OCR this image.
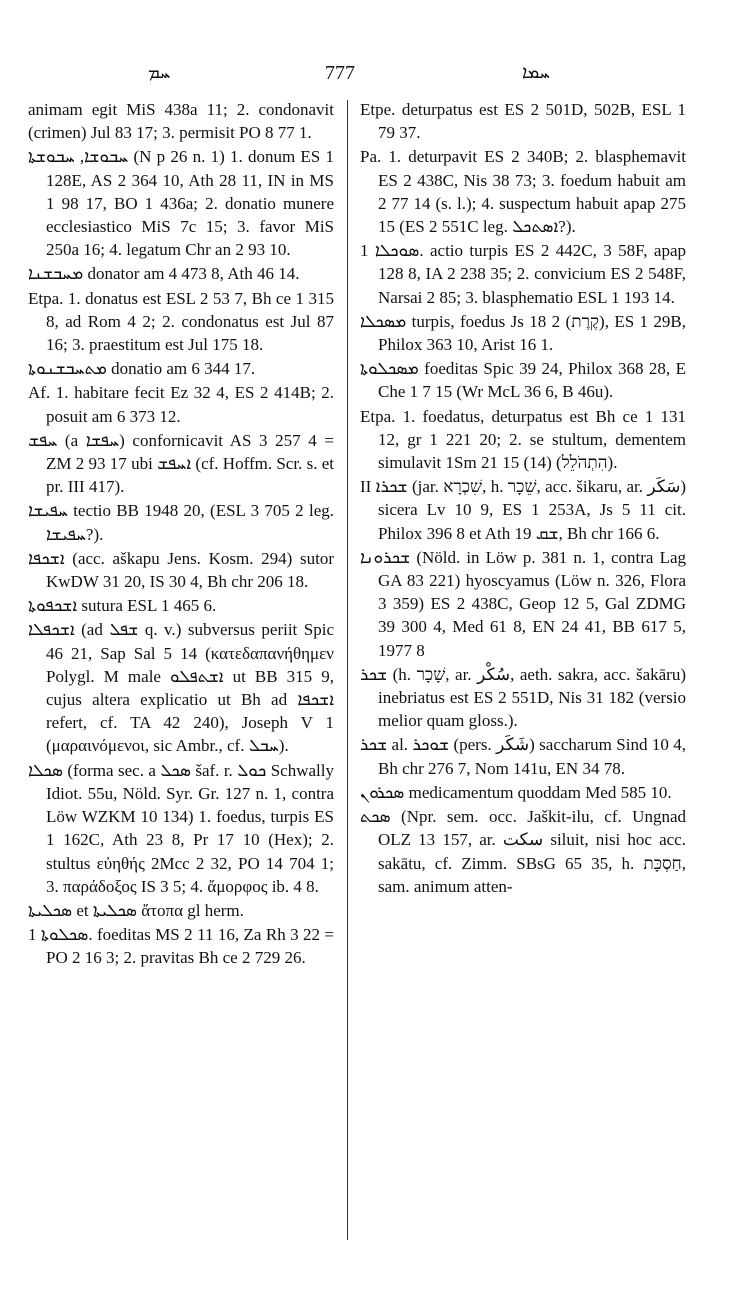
ܚܡ	777	ܚܡܐ

animam egit MiS 438a 11; 2. condonavit (crimen) Jul 83 17; 3. permisit PO 8 77 1.

ܚܒܘܫܐ, ܚܒܘܫܬܐ (N p 26 n. 1) 1. donum ES 1 128E, AS 2 364 10, Ath 28 11, IN in MS 1 98 17, BO 1 436a; 2. donatio munere ecclesiastico MiS 7c 15; 3. favor MiS 250a 16; 4. legatum Chr an 2 93 10.

ܡܚܒܫܢܐ donator am 4 473 8, Ath 46 14.

Etpa. 1. donatus est ESL 2 53 7, Bh ce 1 315 8, ad Rom 4 2; 2. condonatus est Jul 87 16; 3. praestitum est Jul 175 18.

ܡܬܚܒܫܢܘܬܐ donatio am 6 344 17.

Af. 1. habitare fecit Ez 32 4, ES 2 414B; 2. posuit am 6 373 12.

ܚܦܫ (a ܚܦܫܐ) confornicavit AS 3 257 4 = ZM 2 93 17 ubi ܐܚܦܫ (cf. Hoffm. Scr. s. et pr. III 417).

ܚܦܝܫܐ tectio BB 1948 20, (ESL 3 705 2 leg. ܚܦܝܫܐ?).

ܐܫܟܦܐ (acc. aškapu Jens. Kosm. 294) sutor KwDW 31 20, IS 30 4, Bh chr 206 18.

ܐܫܟܦܘܬܐ sutura ESL 1 465 6.

ܐܫܟܦܠܐ (ad ܫܦܠ q. v.) subversus periit Spic 46 21, Sap Sal 5 14 (κατεδαπανήθημεν Polygl. M male ܐܫܬܦܠܘ ut BB 315 9, cujus altera explicatio ut Bh ad ܐܫܟܦܐ refert, cf. TA 42 240), Joseph V 1 (μαραινόμενοι, sic Ambr., cf. ܚܒܠ).

ܣܟܠܐ (forma sec. a ܣܟܠ šaf. r. ܟܘܠ Schwally Idiot. 55u, Nöld. Syr. Gr. 127 n. 1, contra Löw WZKM 10 134) 1. foedus, turpis ES 1 162C, Ath 23 8, Pr 17 10 (Hex); 2. stultus εὐηθής 2Mcc 2 32, PO 14 704 1; 3. παράδοξος IS 3 5; 4. ἄμορφος ib. 4 8.

ܣܟܠܝܬܐ et ܣܟܠܝܬܐ ἄτοπα gl herm.

ܣܟܠܘܬܐ 1. foeditas MS 2 11 16, Za Rh 3 22 = PO 2 16 3; 2. pravitas Bh ce 2 729 26.

Etpe. deturpatus est ES 2 501D, 502B, ESL 1 79 37.

Pa. 1. deturpavit ES 2 340B; 2. blasphemavit ES 2 438C, Nis 38 73; 3. foedum habuit am 2 77 14 (s. l.); 4. suspectum habuit apap 275 15 (ES 2 551C leg. ܐܣܬܟܠ?).

ܣܘܟܠܐ 1. actio turpis ES 2 442C, 3 58F, apap 128 8, IA 2 238 35; 2. convicium ES 2 548F, Narsai 2 85; 3. blasphematio ESL 1 193 14.

ܡܣܟܠܐ turpis, foedus Js 18 2 (קֶרֶת), ES 1 29B, Philox 363 10, Arist 16 1.

ܡܣܟܠܘܬܐ foeditas Spic 39 24, Philox 368 28, E Che 1 7 15 (Wr McL 36 6, B 46u).

Etpa. 1. foedatus, deturpatus est Bh ce 1 131 12, gr 1 221 20; 2. se stultum, dementem simulavit 1Sm 21 15 (14) (הִתְהֹלֵל).

II ܫܟܪܐ (jar. שִׁכְרָא, h. שֵׁכָר, acc. šikaru, ar. سَكَر) sicera Lv 10 9, ES 1 253A, Js 5 11 cit. Philox 396 8 et Ath ܫܩ 19, Bh chr 166 6.

ܫܟܪܘܢܐ (Nöld. in Löw p. 381 n. 1, contra Lag GA 83 221) hyoscyamus (Löw n. 326, Flora 3 359) ES 2 438C, Geop 12 5, Gal ZDMG 39 300 4, Med 61 8, EN 24 41, BB 617 5, 1977 8

ܫܟܪ (h. שָׁכָר, ar. سُكْر, aeth. sakra, acc. šakāru) inebriatus est ES 2 551D, Nis 31 182 (versio melior quam gloss.).

ܫܟܪ al. ܫܘܟܪ (pers. شَكَر) saccharum Sind 10 4, Bh chr 276 7, Nom 141u, EN 34 78.

ܣܟܪܘܢ medicamentum quoddam Med 585 10.

ܣܟܬ (Npr. sem. occ. Jaškit-ilu, cf. Ungnad OLZ 13 157, ar. سكت siluit, nisi hoc acc. sakātu, cf. Zimm. SBsG 65 35, h. חַסְכָּת, sam. animum atten-
